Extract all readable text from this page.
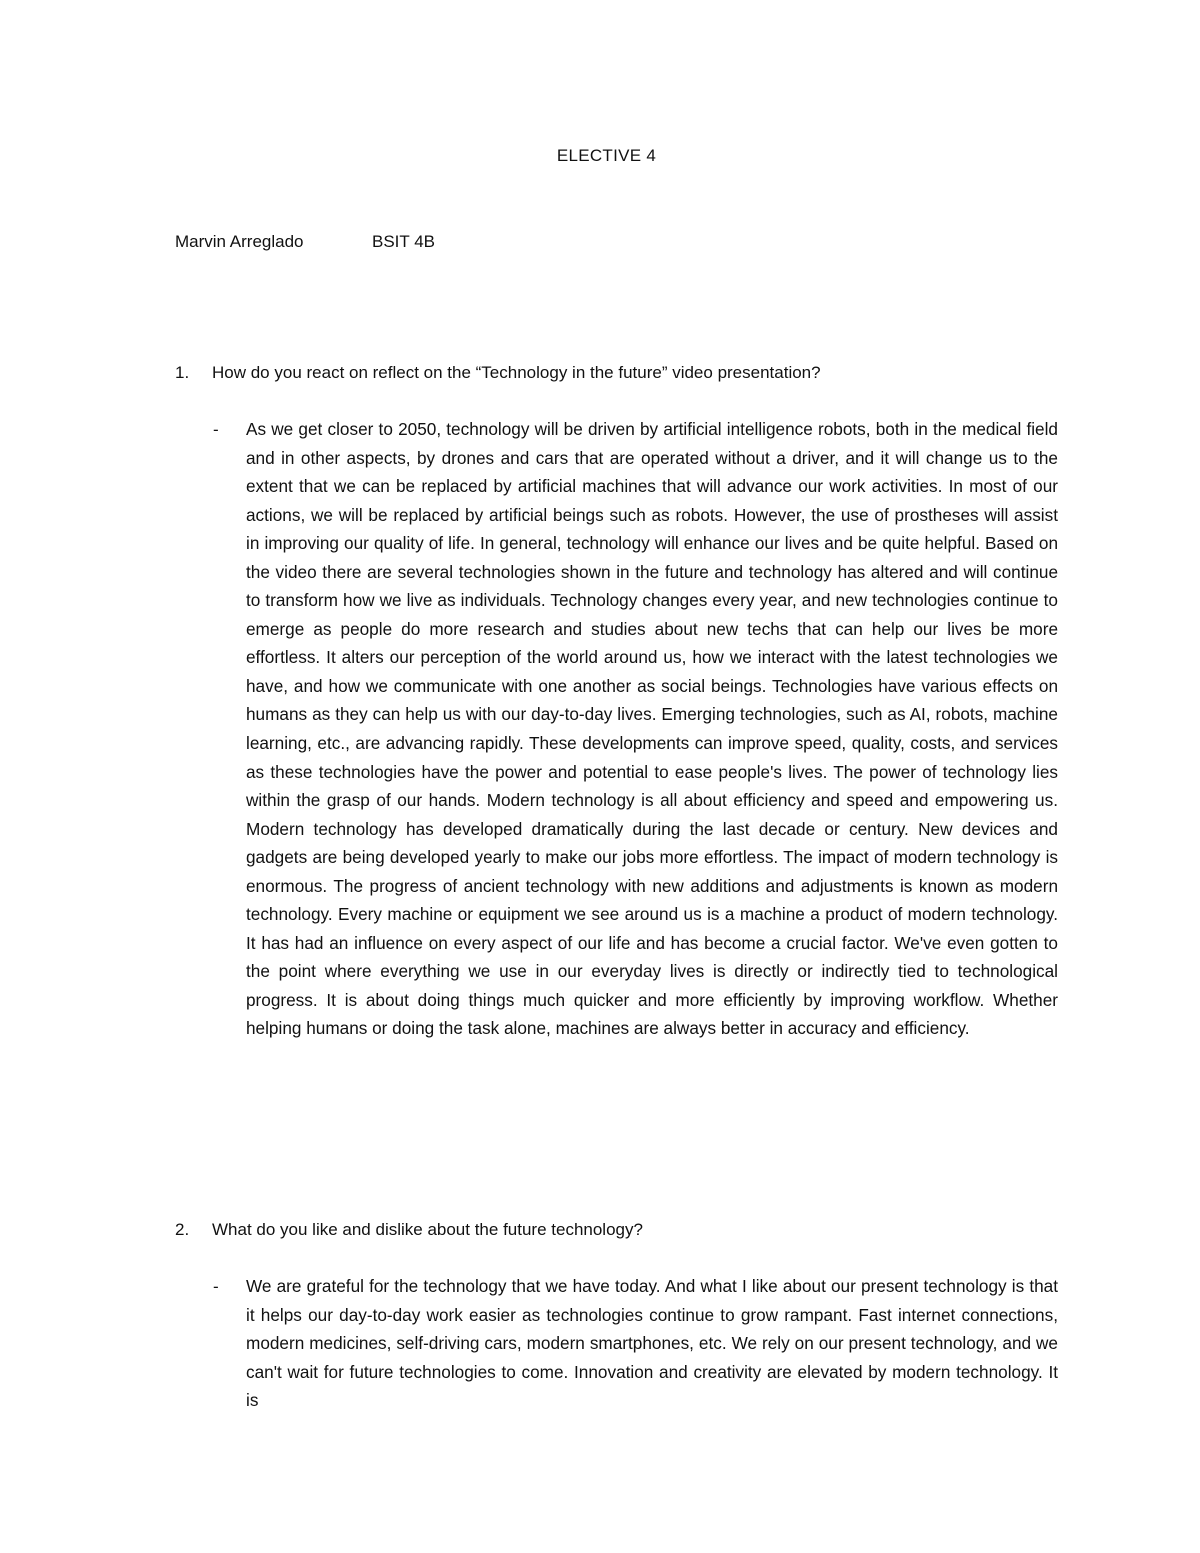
ELECTIVE 4
Marvin Arreglado	BSIT 4B
1. How do you react on reflect on the “Technology in the future” video presentation?
- As we get closer to 2050, technology will be driven by artificial intelligence robots, both in the medical field and in other aspects, by drones and cars that are operated without a driver, and it will change us to the extent that we can be replaced by artificial machines that will advance our work activities. In most of our actions, we will be replaced by artificial beings such as robots. However, the use of prostheses will assist in improving our quality of life. In general, technology will enhance our lives and be quite helpful. Based on the video there are several technologies shown in the future and technology has altered and will continue to transform how we live as individuals. Technology changes every year, and new technologies continue to emerge as people do more research and studies about new techs that can help our lives be more effortless. It alters our perception of the world around us, how we interact with the latest technologies we have, and how we communicate with one another as social beings. Technologies have various effects on humans as they can help us with our day-to-day lives. Emerging technologies, such as AI, robots, machine learning, etc., are advancing rapidly. These developments can improve speed, quality, costs, and services as these technologies have the power and potential to ease people's lives. The power of technology lies within the grasp of our hands. Modern technology is all about efficiency and speed and empowering us. Modern technology has developed dramatically during the last decade or century. New devices and gadgets are being developed yearly to make our jobs more effortless. The impact of modern technology is enormous. The progress of ancient technology with new additions and adjustments is known as modern technology. Every machine or equipment we see around us is a machine a product of modern technology. It has had an influence on every aspect of our life and has become a crucial factor. We've even gotten to the point where everything we use in our everyday lives is directly or indirectly tied to technological progress. It is about doing things much quicker and more efficiently by improving workflow. Whether helping humans or doing the task alone, machines are always better in accuracy and efficiency.

2. What do you like and dislike about the future technology?
- We are grateful for the technology that we have today. And what I like about our present technology is that it helps our day-to-day work easier as technologies continue to grow rampant. Fast internet connections, modern medicines, self-driving cars, modern smartphones, etc. We rely on our present technology, and we can't wait for future technologies to come. Innovation and creativity are elevated by modern technology. It is
